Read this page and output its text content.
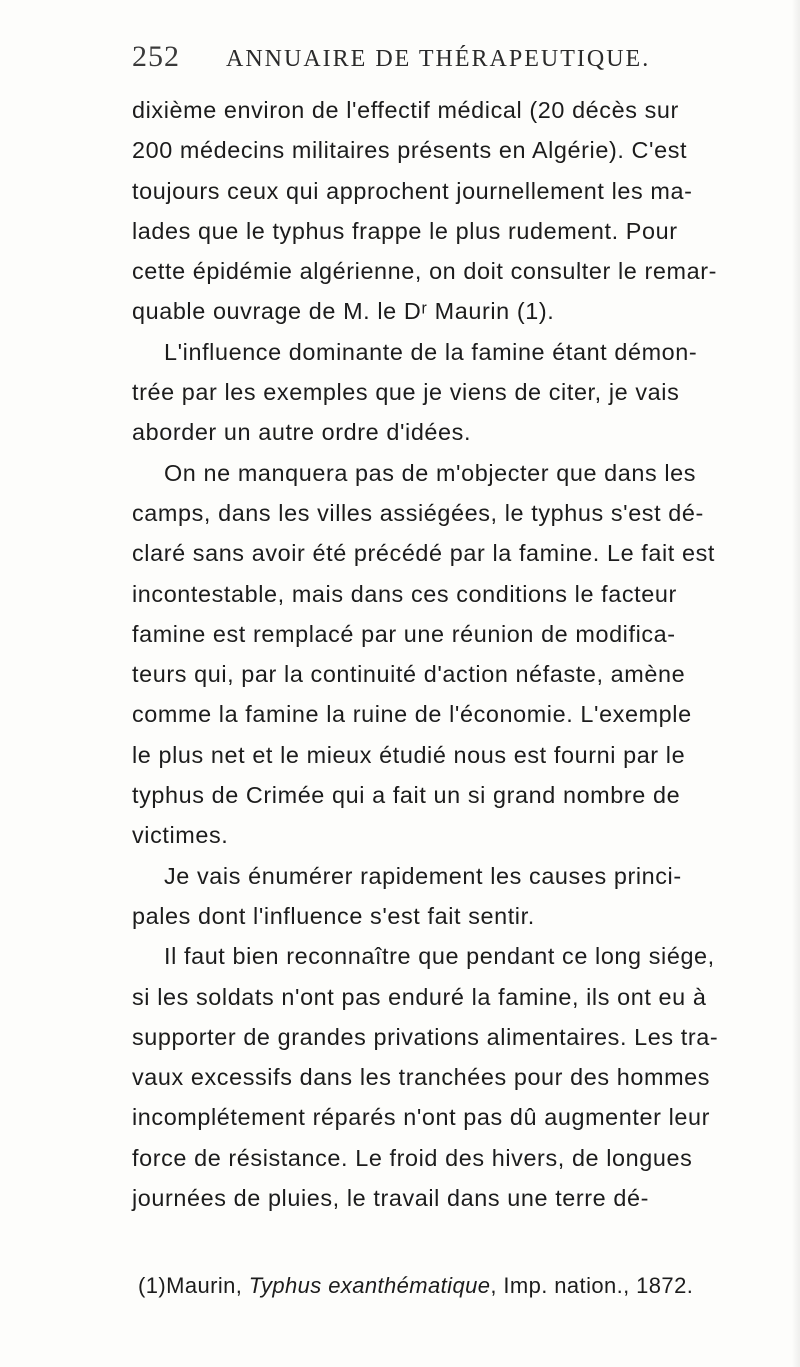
252 ANNUAIRE DE THÉRAPEUTIQUE.
dixième environ de l'effectif médical (20 décès sur
200 médecins militaires présents en Algérie). C'est
toujours ceux qui approchent journellement les ma-
lades que le typhus frappe le plus rudement. Pour
cette épidémie algérienne, on doit consulter le remar-
quable ouvrage de M. le Dʳ Maurin (1).
L'influence dominante de la famine étant démon-
trée par les exemples que je viens de citer, je vais
aborder un autre ordre d'idées.
On ne manquera pas de m'objecter que dans les
camps, dans les villes assiégées, le typhus s'est dé-
claré sans avoir été précédé par la famine. Le fait est
incontestable, mais dans ces conditions le facteur
famine est remplacé par une réunion de modifica-
teurs qui, par la continuité d'action néfaste, amène
comme la famine la ruine de l'économie. L'exemple
le plus net et le mieux étudié nous est fourni par le
typhus de Crimée qui a fait un si grand nombre de
victimes.
Je vais énumérer rapidement les causes princi-
pales dont l'influence s'est fait sentir.
Il faut bien reconnaître que pendant ce long siége,
si les soldats n'ont pas enduré la famine, ils ont eu à
supporter de grandes privations alimentaires. Les tra-
vaux excessifs dans les tranchées pour des hommes
incomplétement réparés n'ont pas dû augmenter leur
force de résistance. Le froid des hivers, de longues
journées de pluies, le travail dans une terre dé-
(1)Maurin, Typhus exanthématique, Imp. nation., 1872.
